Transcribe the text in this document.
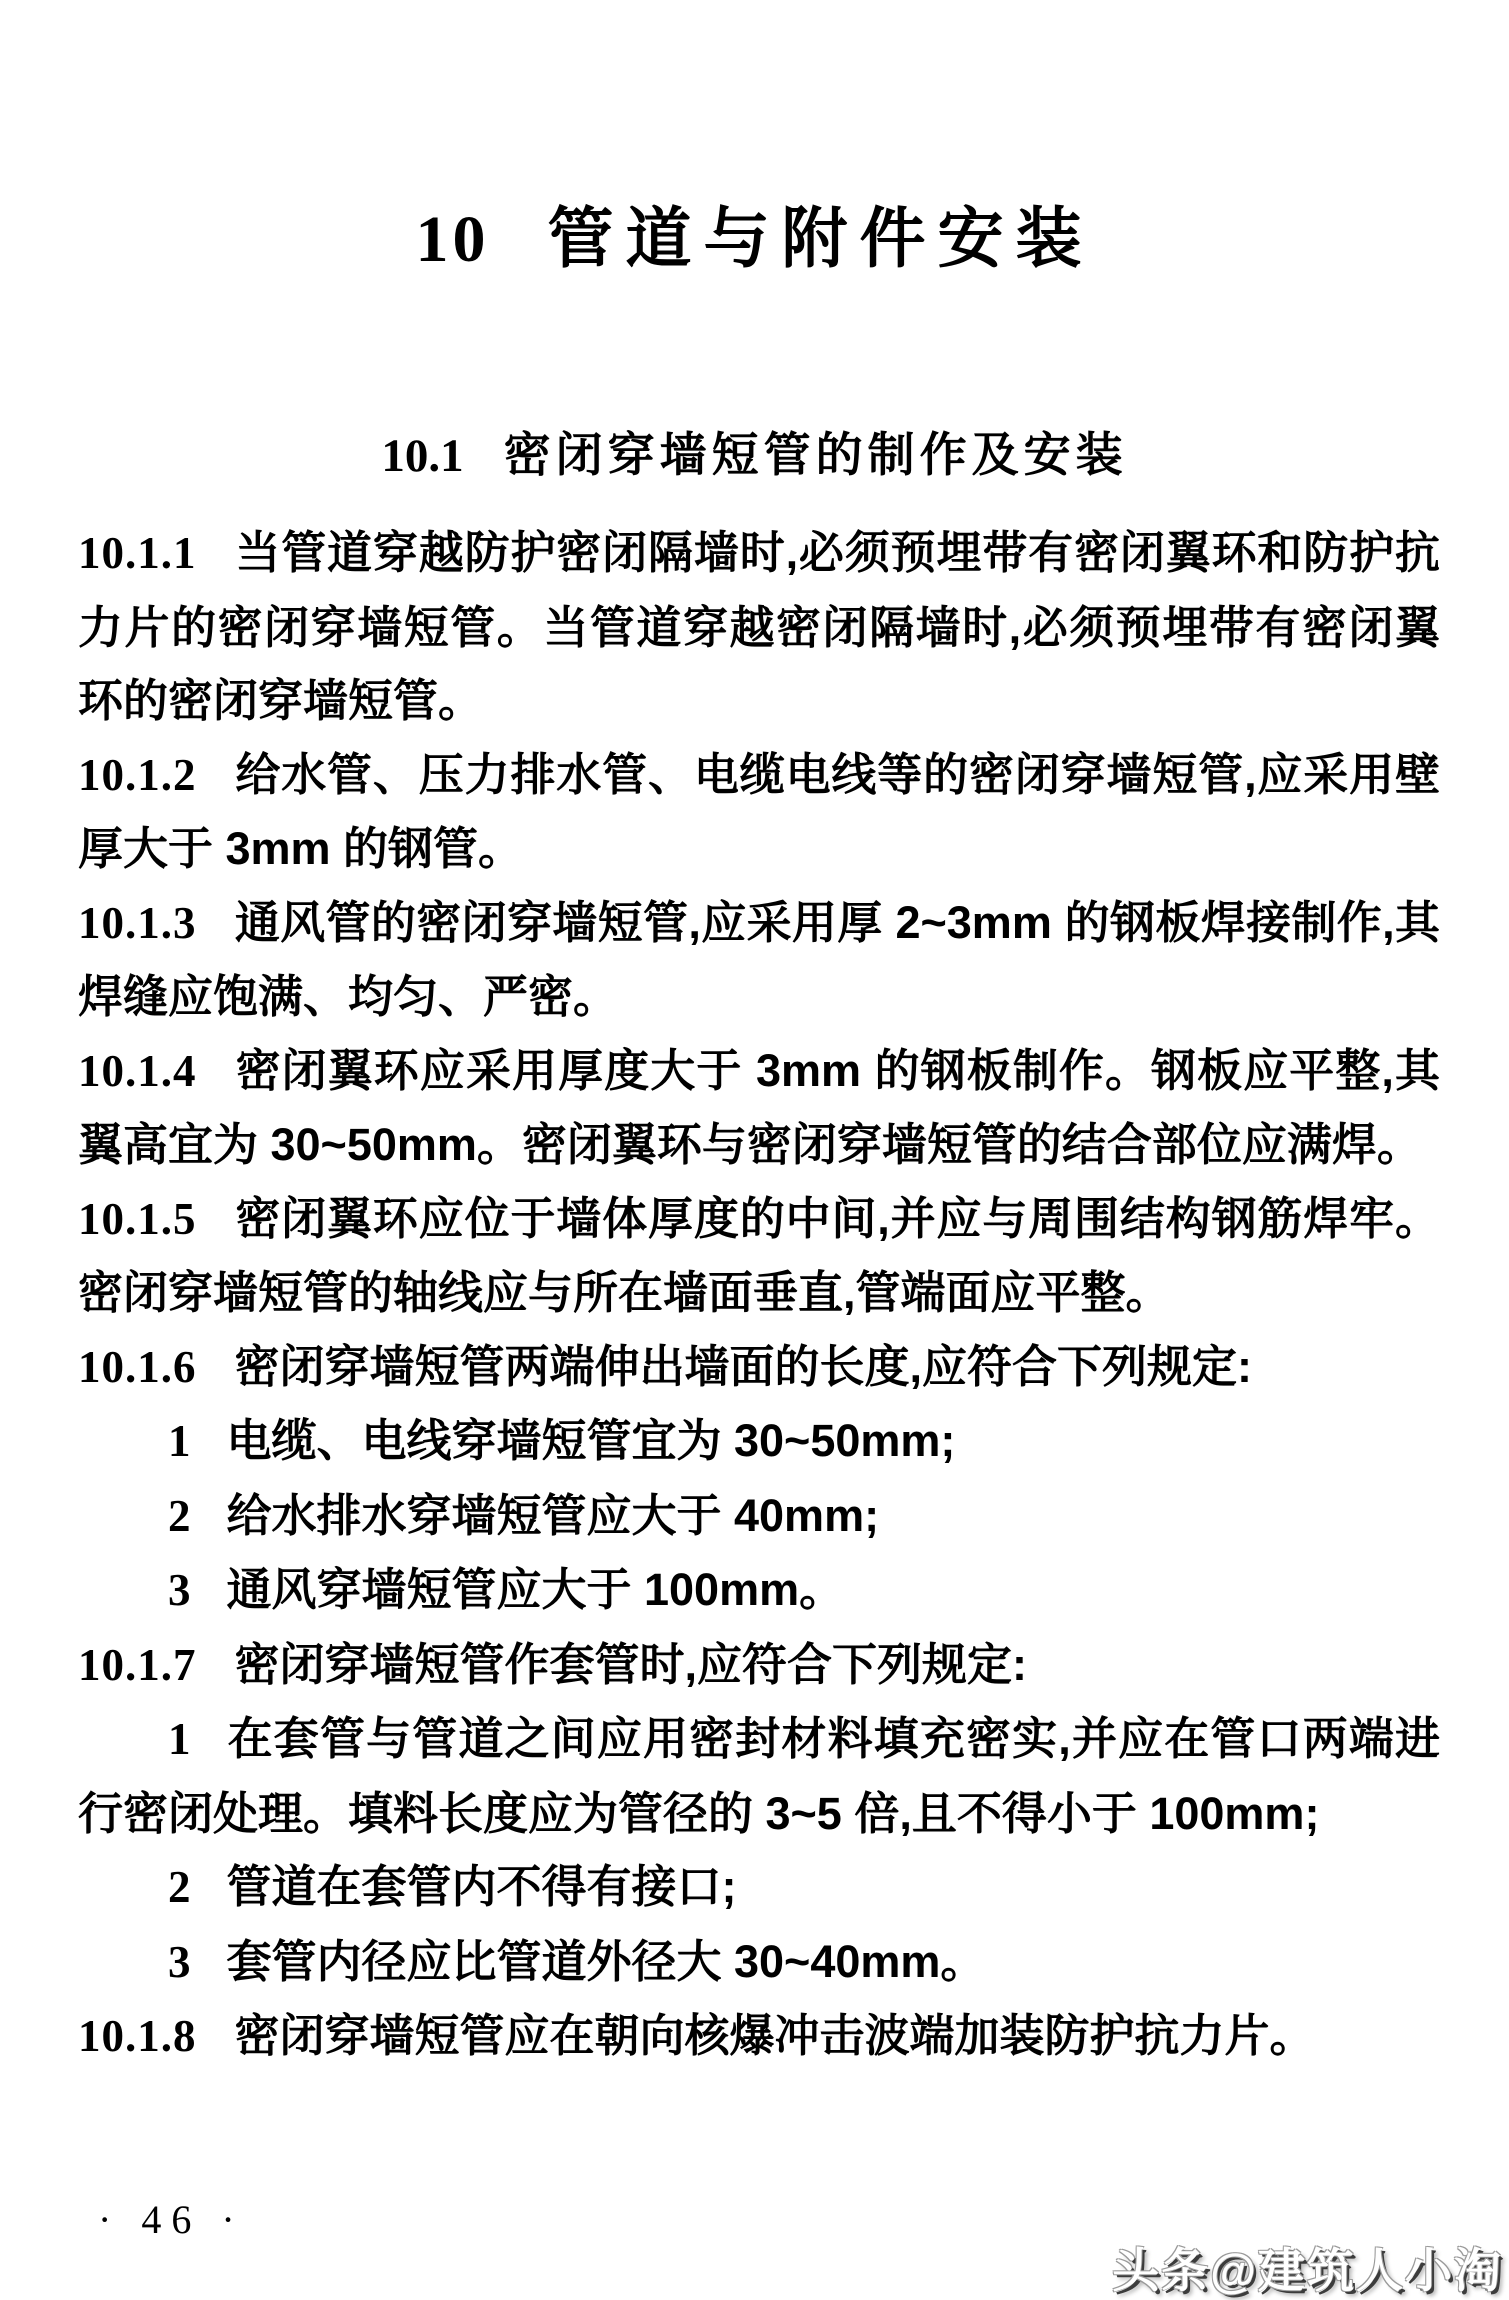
10 管道与附件安装
10.1 密闭穿墙短管的制作及安装

10.1.1 当管道穿越防护密闭隔墙时,必须预埋带有密闭翼环和防护抗力片的密闭穿墙短管。当管道穿越密闭隔墙时,必须预埋带有密闭翼环的密闭穿墙短管。

10.1.2 给水管、压力排水管、电缆电线等的密闭穿墙短管,应采用壁厚大于 3mm 的钢管。

10.1.3 通风管的密闭穿墙短管,应采用厚 2~3mm 的钢板焊接制作,其焊缝应饱满、均匀、严密。

10.1.4 密闭翼环应采用厚度大于 3mm 的钢板制作。钢板应平整,其翼高宜为 30~50mm。密闭翼环与密闭穿墙短管的结合部位应满焊。

10.1.5 密闭翼环应位于墙体厚度的中间,并应与周围结构钢筋焊牢。密闭穿墙短管的轴线应与所在墙面垂直,管端面应平整。

10.1.6 密闭穿墙短管两端伸出墙面的长度,应符合下列规定:

1 电缆、电线穿墙短管宜为 30~50mm;

2 给水排水穿墙短管应大于 40mm;

3 通风穿墙短管应大于 100mm。

10.1.7 密闭穿墙短管作套管时,应符合下列规定:

1 在套管与管道之间应用密封材料填充密实,并应在管口两端进行密闭处理。填料长度应为管径的 3~5 倍,且不得小于 100mm;

2 管道在套管内不得有接口;

3 套管内径应比管道外径大 30~40mm。

10.1.8 密闭穿墙短管应在朝向核爆冲击波端加装防护抗力片。

· 46 ·
头条@建筑人小淘
